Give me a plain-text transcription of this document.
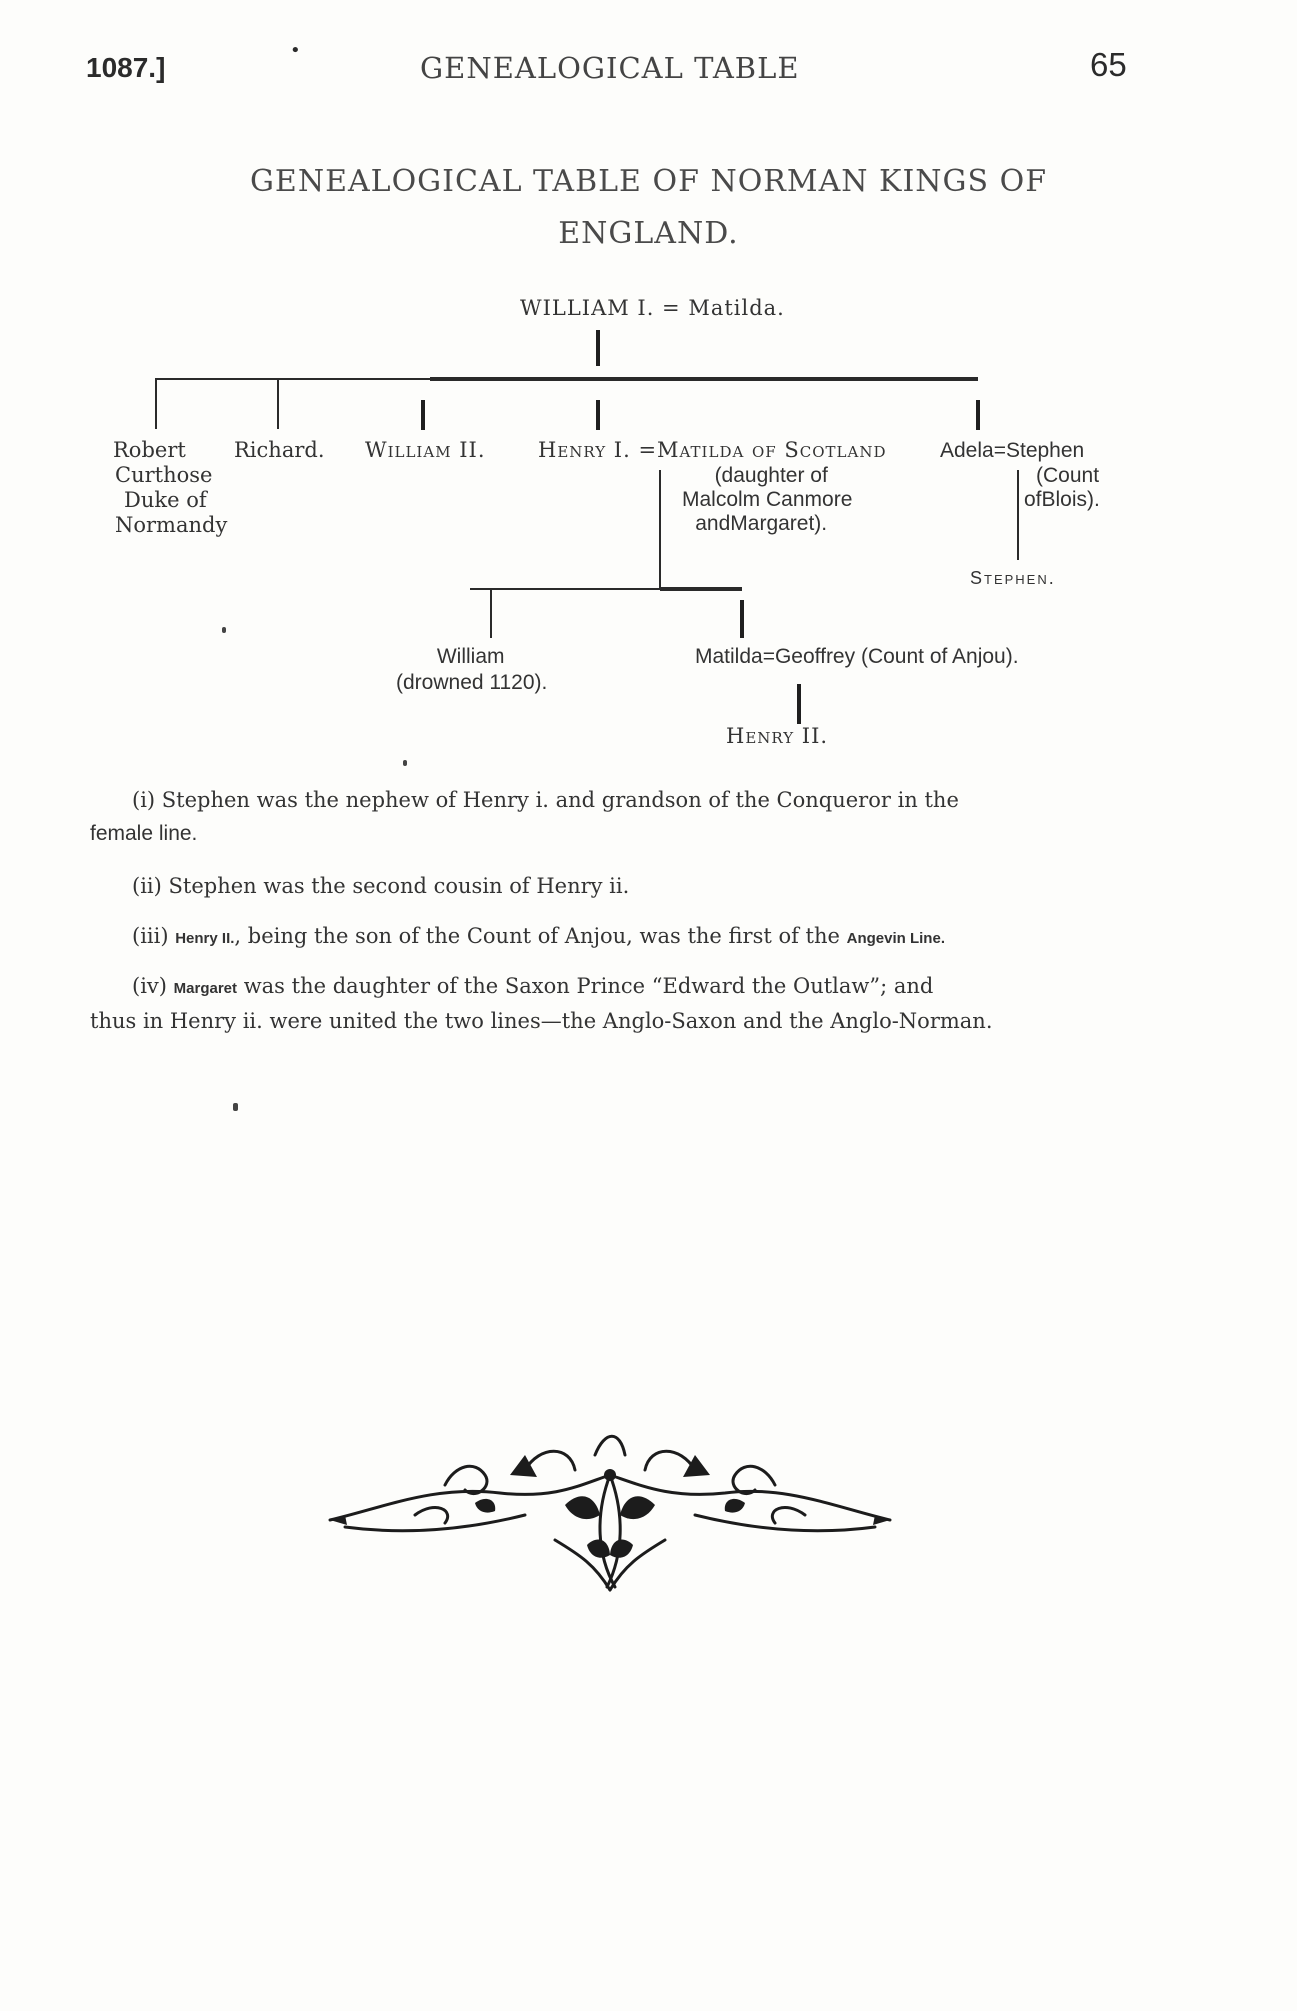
1087.]
•
GENEALOGICAL TABLE	65
GENEALOGICAL TABLE OF NORMAN KINGS OF
ENGLAND.
WILLIAM I. = Matilda.
Robert
Curthose
Duke of
Normandy
Richard. William II.	Henry I. =Matilda of Scotland
(daughter of
Malcolm Canmore
andMargaret).
Adela=Stephen
(Count
ofBlois).
Stephen.
William
(drowned 1120).
Matilda=Geoffrey (Count of Anjou).
Henry II.
(i) Stephen was the nephew of Henry i. and grandson of the Conqueror in the
female line.
(ii) Stephen was the second cousin of Henry ii.
(iii) Henry II., being the son of the Count of Anjou, was the first of the Angevin Line.
(iv) Margaret was the daughter of the Saxon Prince “Edward the Outlaw”; and
thus in Henry ii. were united the two lines—the Anglo-Saxon and the Anglo-Norman.
